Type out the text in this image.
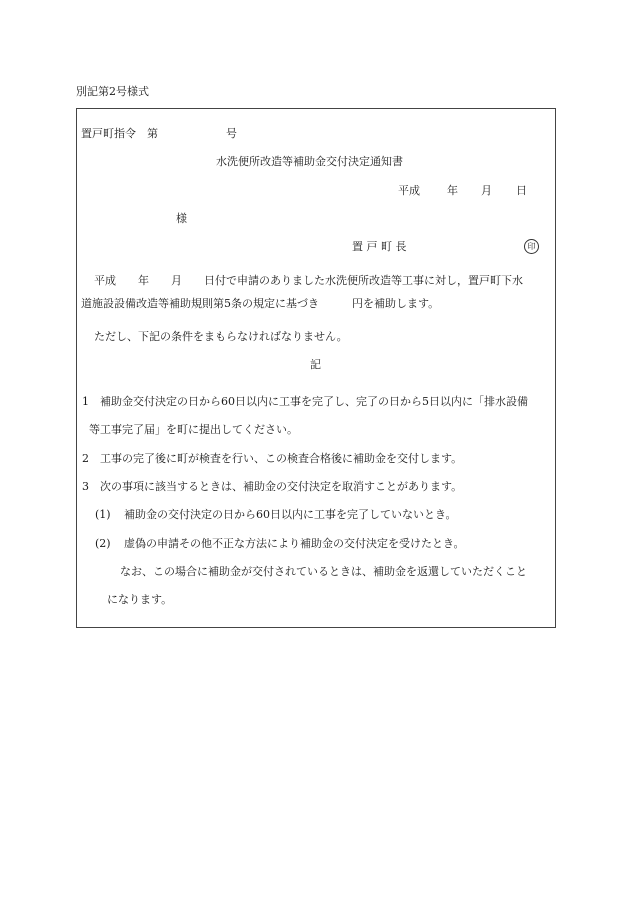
別記第2号様式
置戸町指令　第	号
水洗便所改造等補助金交付決定通知書
平成 年 月 日
様
置 戸 町 長	印
平成　　年　　月　　日付で申請のありました水洗便所改造等工事に対し，置戸町下水
道施設設備改造等補助規則第5条の規定に基づき　　　円を補助します。
ただし、下記の条件をまもらなければなりません。
記
1 補助金交付決定の日から60日以内に工事を完了し、完了の日から5日以内に「排水設備
等工事完了届」を町に提出してください。
2 工事の完了後に町が検査を行い、この検査合格後に補助金を交付します。
3 次の事項に該当するときは、補助金の交付決定を取消すことがあります。
(1) 補助金の交付決定の日から60日以内に工事を完了していないとき。
(2) 虚偽の申請その他不正な方法により補助金の交付決定を受けたとき。
なお、この場合に補助金が交付されているときは、補助金を返還していただくこと
になります。
